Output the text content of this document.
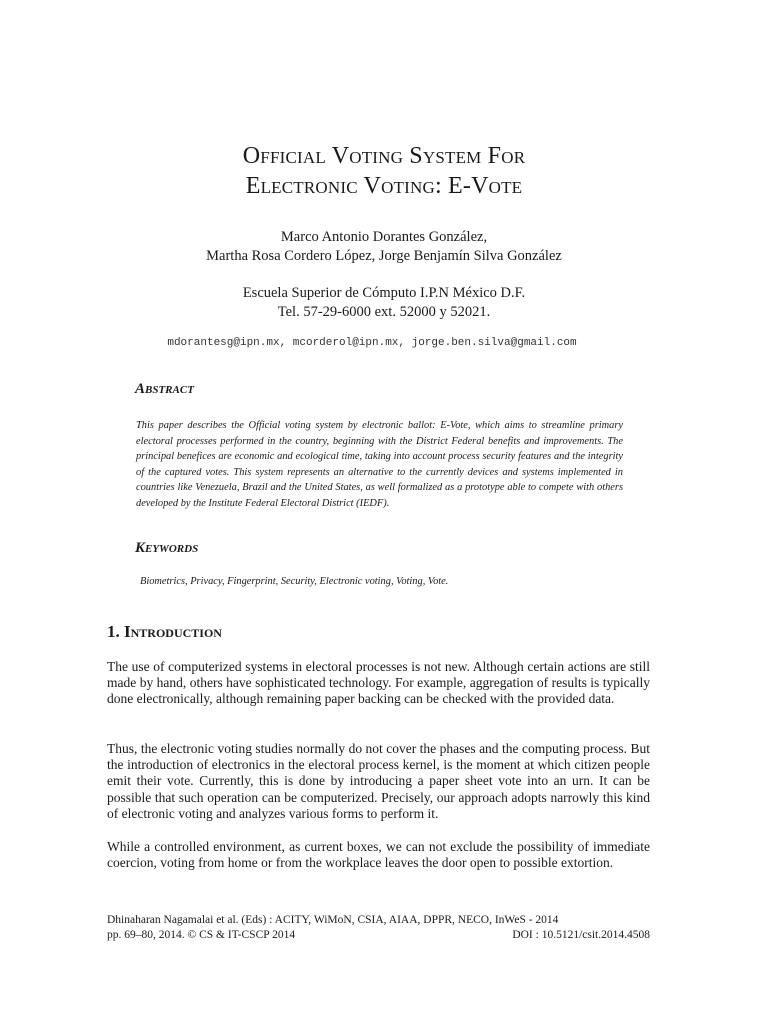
Official Voting System For
Electronic Voting: E-Vote
Marco Antonio Dorantes González,
Martha Rosa Cordero López, Jorge Benjamín Silva González
Escuela Superior de Cómputo I.P.N México D.F.
Tel. 57-29-6000 ext. 52000 y 52021.
mdorantesg@ipn.mx, mcorderol@ipn.mx, jorge.ben.silva@gmail.com
Abstract
This paper describes the Official voting system by electronic ballot: E-Vote, which aims to streamline primary electoral processes performed in the country, beginning with the District Federal benefits and improvements. The principal benefices are economic and ecological time, taking into account process security features and the integrity of the captured votes. This system represents an alternative to the currently devices and systems implemented in countries like Venezuela, Brazil and the United States, as well formalized as a prototype able to compete with others developed by the Institute Federal Electoral District (IEDF).
Keywords
Biometrics, Privacy, Fingerprint, Security, Electronic voting, Voting, Vote.
1. Introduction
The use of computerized systems in electoral processes is not new. Although certain actions are still made by hand, others have sophisticated technology. For example, aggregation of results is typically done electronically, although remaining paper backing can be checked with the provided data.
Thus, the electronic voting studies normally do not cover the phases and the computing process. But the introduction of electronics in the electoral process kernel, is the moment at which citizen people emit their vote. Currently, this is done by introducing a paper sheet vote into an urn. It can be possible that such operation can be computerized. Precisely, our approach adopts narrowly this kind of electronic voting and analyzes various forms to perform it.
While a controlled environment, as current boxes, we can not exclude the possibility of immediate coercion, voting from home or from the workplace leaves the door open to possible extortion.
Dhinaharan Nagamalai et al. (Eds) : ACITY, WiMoN, CSIA, AIAA, DPPR, NECO, InWeS - 2014
pp. 69–80, 2014. © CS & IT-CSCP 2014	DOI : 10.5121/csit.2014.4508
